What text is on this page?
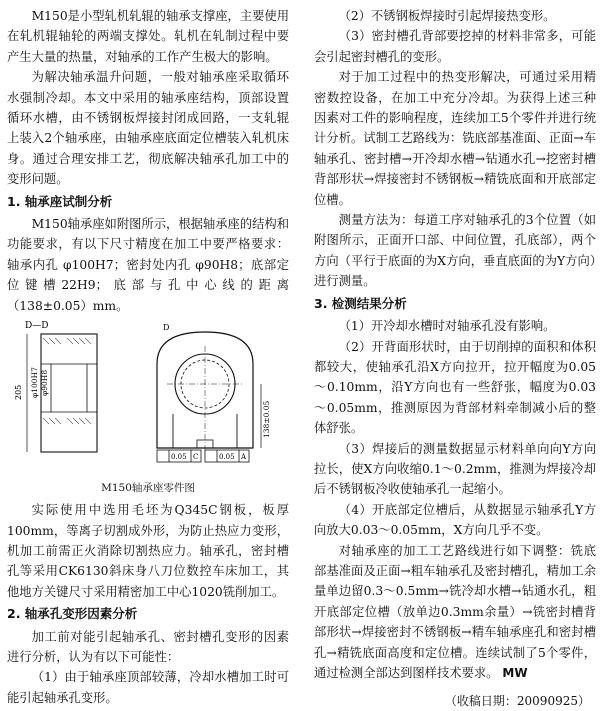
M150是小型轧机轧辊的轴承支撑座，主要使用在轧机辊轴轮的两端支撑处。轧机在轧制过程中要产生大量的热量，对轴承的工作产生极大的影响。

为解决轴承温升问题，一般对轴承座采取循环水强制冷却。本文中采用的轴承座结构，顶部设置循环水槽，由不锈钢板焊接封闭成回路，一支轧辊上装入2个轴承座，由轴承座底面定位槽装入轧机床身。通过合理安排工艺，彻底解决轴承孔加工中的变形问题。

1. 轴承座试制分析

M150轴承座如附图所示，根据轴承座的结构和功能要求，有以下尺寸精度在加工中要严格要求：轴承内孔 φ100H7；密封处内孔 φ90H8；底部定位键槽22H9；底部与孔中心线的距离（138±0.05）mm。

D—D
205 φ100H7 φ90H8
D
138±0.05
0.05 C	0.05 A
M150轴承座零件图

实际使用中选用毛坯为Q345C钢板，板厚100mm，等离子切割成外形，为防止热应力变形，机加工前需正火消除切割热应力。轴承孔，密封槽孔等采用CK6130斜床身八刀位数控车床加工，其他地方关键尺寸采用精密加工中心1020铣削加工。

2. 轴承孔变形因素分析

加工前对能引起轴承孔、密封槽孔变形的因素进行分析，认为有以下可能性：

（1）由于轴承座顶部较薄，冷却水槽加工时可能引起轴承孔变形。

（2）不锈钢板焊接时引起焊接热变形。

（3）密封槽孔背部要挖掉的材料非常多，可能会引起密封槽孔的变形。

对于加工过程中的热变形解决，可通过采用精密数控设备，在加工中充分冷却。为获得上述三种因素对工件的影响程度，连续加工5个零件并进行统计分析。试制工艺路线为：铣底部基准面、正面→车轴承孔、密封槽→开冷却水槽→钻通水孔→挖密封槽背部形状→焊接密封不锈钢板→精铣底面和开底部定位槽。

测量方法为：每道工序对轴承孔的3个位置（如附图所示，正面开口部、中间位置，孔底部），两个方向（平行于底面的为X方向，垂直底面的为Y方向）进行测量。

3. 检测结果分析

（1）开冷却水槽时对轴承孔没有影响。

（2）开背面形状时，由于切削掉的面积和体积都较大，使轴承孔沿X方向拉开，拉开幅度为0.05～0.10mm，沿Y方向也有一些舒张，幅度为0.03～0.05mm，推测原因为背部材料牵制减小后的整体舒张。

（3）焊接后的测量数据显示材料单向向Y方向拉长，使X方向收缩0.1～0.2mm，推测为焊接冷却后不锈钢板冷收使轴承孔一起缩小。

（4）开底部定位槽后，从数据显示轴承孔Y方向放大0.03～0.05mm，X方向几乎不变。

对轴承座的加工工艺路线进行如下调整：铣底部基准面及正面→粗车轴承孔及密封槽孔，精加工余量单边留0.3～0.5mm→铣冷却水槽→钻通水孔，粗开底部定位槽（放单边0.3mm余量）→铣密封槽背部形状→焊接密封不锈钢板→精车轴承座孔和密封槽孔→精铣底面高度和定位槽。连续试制了5个零件，通过检测全部达到图样技术要求。 MW

（收稿日期：20090925）
